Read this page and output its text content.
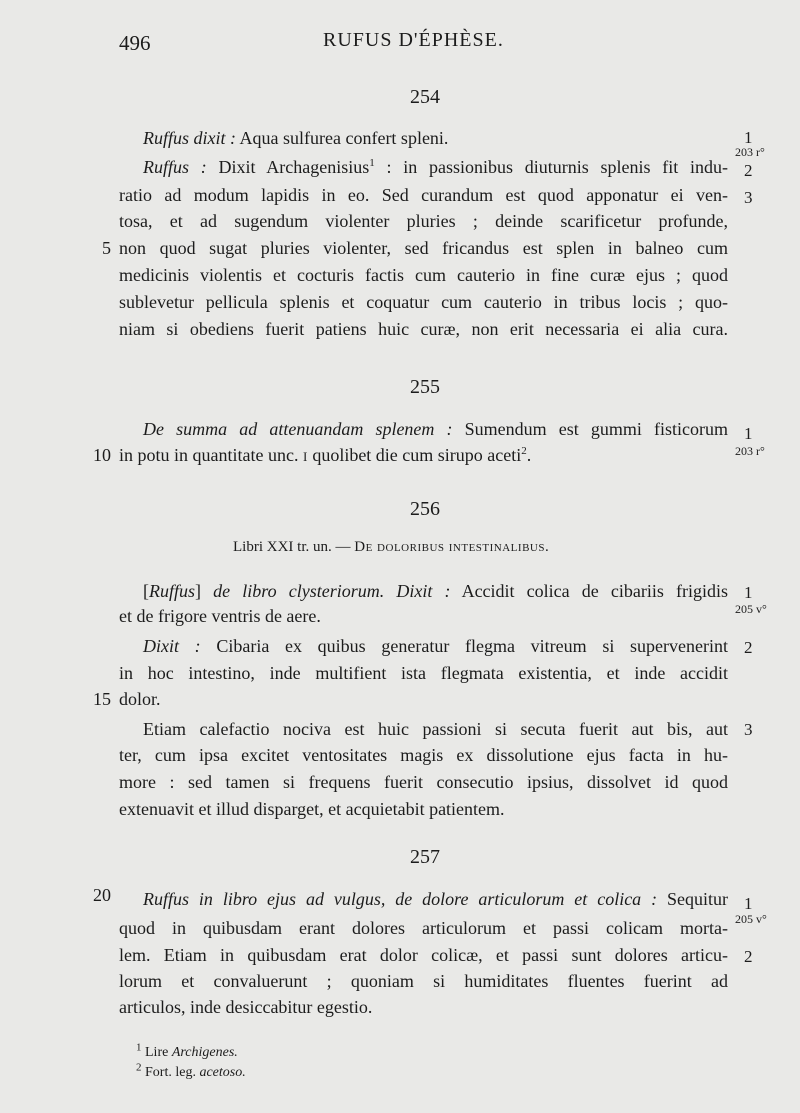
496	RUFUS D'ÉPHÈSE.
254
Ruffus dixit : Aqua sulfurea confert spleni.
Ruffus : Dixit Archagenisius$^1$ : in passionibus diuturnis splenis fit indu-
ratio ad modum lapidis in eo. Sed curandum est quod apponatur ei ven-
tosa, et ad sugendum violenter pluries ; deinde scarificetur profunde,
non quod sugat pluries violenter, sed fricandus est splen in balneo cum
medicinis violentis et cocturis factis cum cauterio in fine curæ ejus ; quod
sublevetur pellicula splenis et coquatur cum cauterio in tribus locis ; quo-
niam si obediens fuerit patiens huic curæ, non erit necessaria ei alia cura.
255
De summa ad attenuandam splenem : Sumendum est gummi fisticorum
in potu in quantitate unc. i quolibet die cum sirupo aceti$^2$.
256
Libri XXI tr. un. — De doloribus intestinalibus.
[Ruffus] de libro clysteriorum. Dixit : Accidit colica de cibariis frigidis
et de frigore ventris de aere.
Dixit : Cibaria ex quibus generatur flegma vitreum si supervenerint
in hoc intestino, inde multifient ista flegmata existentia, et inde accidit
dolor.
Etiam calefactio nociva est huic passioni si secuta fuerit aut bis, aut
ter, cum ipsa excitet ventositates magis ex dissolutione ejus facta in hu-
more : sed tamen si frequens fuerit consecutio ipsius, dissolvet id quod
extenuavit et illud disparget, et acquietabit patientem.
257
Ruffus in libro ejus ad vulgus, de dolore articulorum et colica : Sequitur
quod in quibusdam erant dolores articulorum et passi colicam morta-
lem. Etiam in quibusdam erat dolor colicæ, et passi sunt dolores articu-
lorum et convaluerunt ; quoniam si humiditates fluentes fuerint ad
articulos, inde desiccabitur egestio.
5
10
15
20
1
2
3
1
1
2
3
1
2
203 r°
203 r°
205 v°
205 v°
$^1$ Lire Archigenes.
$^2$ Fort. leg. acetoso.
